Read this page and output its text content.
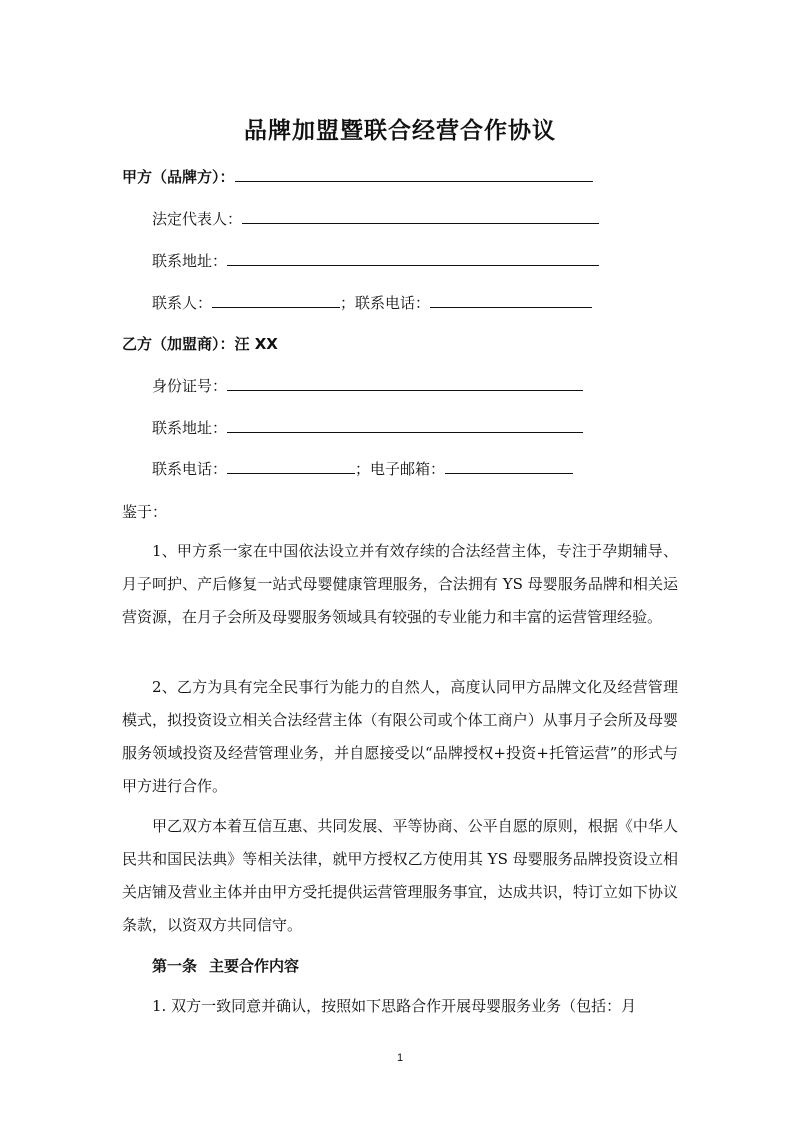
品牌加盟暨联合经营合作协议
甲方（品牌方）：
法定代表人：
联系地址：
联系人：	；联系电话：
乙方（加盟商）：汪 XX
身份证号：
联系地址：
联系电话：	；电子邮箱：
鉴于：
1、甲方系一家在中国依法设立并有效存续的合法经营主体，专注于孕期辅导、月子呵护、产后修复一站式母婴健康管理服务，合法拥有 YS 母婴服务品牌和相关运营资源，在月子会所及母婴服务领域具有较强的专业能力和丰富的运营管理经验。
2、乙方为具有完全民事行为能力的自然人，高度认同甲方品牌文化及经营管理模式，拟投资设立相关合法经营主体（有限公司或个体工商户）从事月子会所及母婴服务领域投资及经营管理业务，并自愿接受以“品牌授权+投资+托管运营”的形式与甲方进行合作。
甲乙双方本着互信互惠、共同发展、平等协商、公平自愿的原则，根据《中华人民共和国民法典》等相关法律，就甲方授权乙方使用其 YS 母婴服务品牌投资设立相关店铺及营业主体并由甲方受托提供运营管理服务事宜，达成共识，特订立如下协议条款，以资双方共同信守。
第一条 主要合作内容
1. 双方一致同意并确认，按照如下思路合作开展母婴服务业务（包括：月
1
